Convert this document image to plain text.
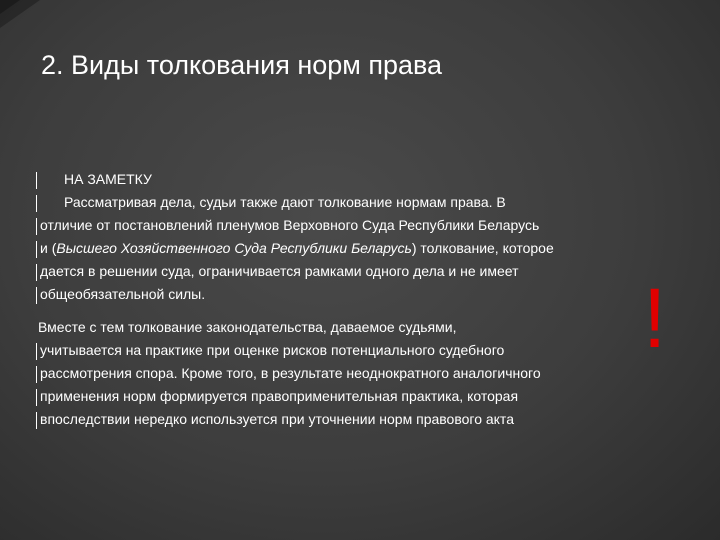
2. Виды толкования норм права
НА ЗАМЕТКУ
Рассматривая дела, судьи также дают толкование нормам права. В
отличие от постановлений пленумов Верховного Суда Республики Беларусь
и (Высшего Хозяйственного Суда Республики Беларусь) толкование, которое
дается в решении суда, ограничивается рамками одного дела и не имеет
общеобязательной силы.
Вместе с тем толкование законодательства, даваемое судьями,
учитывается на практике при оценке рисков потенциального судебного
рассмотрения спора. Кроме того, в результате неоднократного аналогичного
применения норм формируется правоприменительная практика, которая
впоследствии нередко используется при уточнении норм правового акта
!
